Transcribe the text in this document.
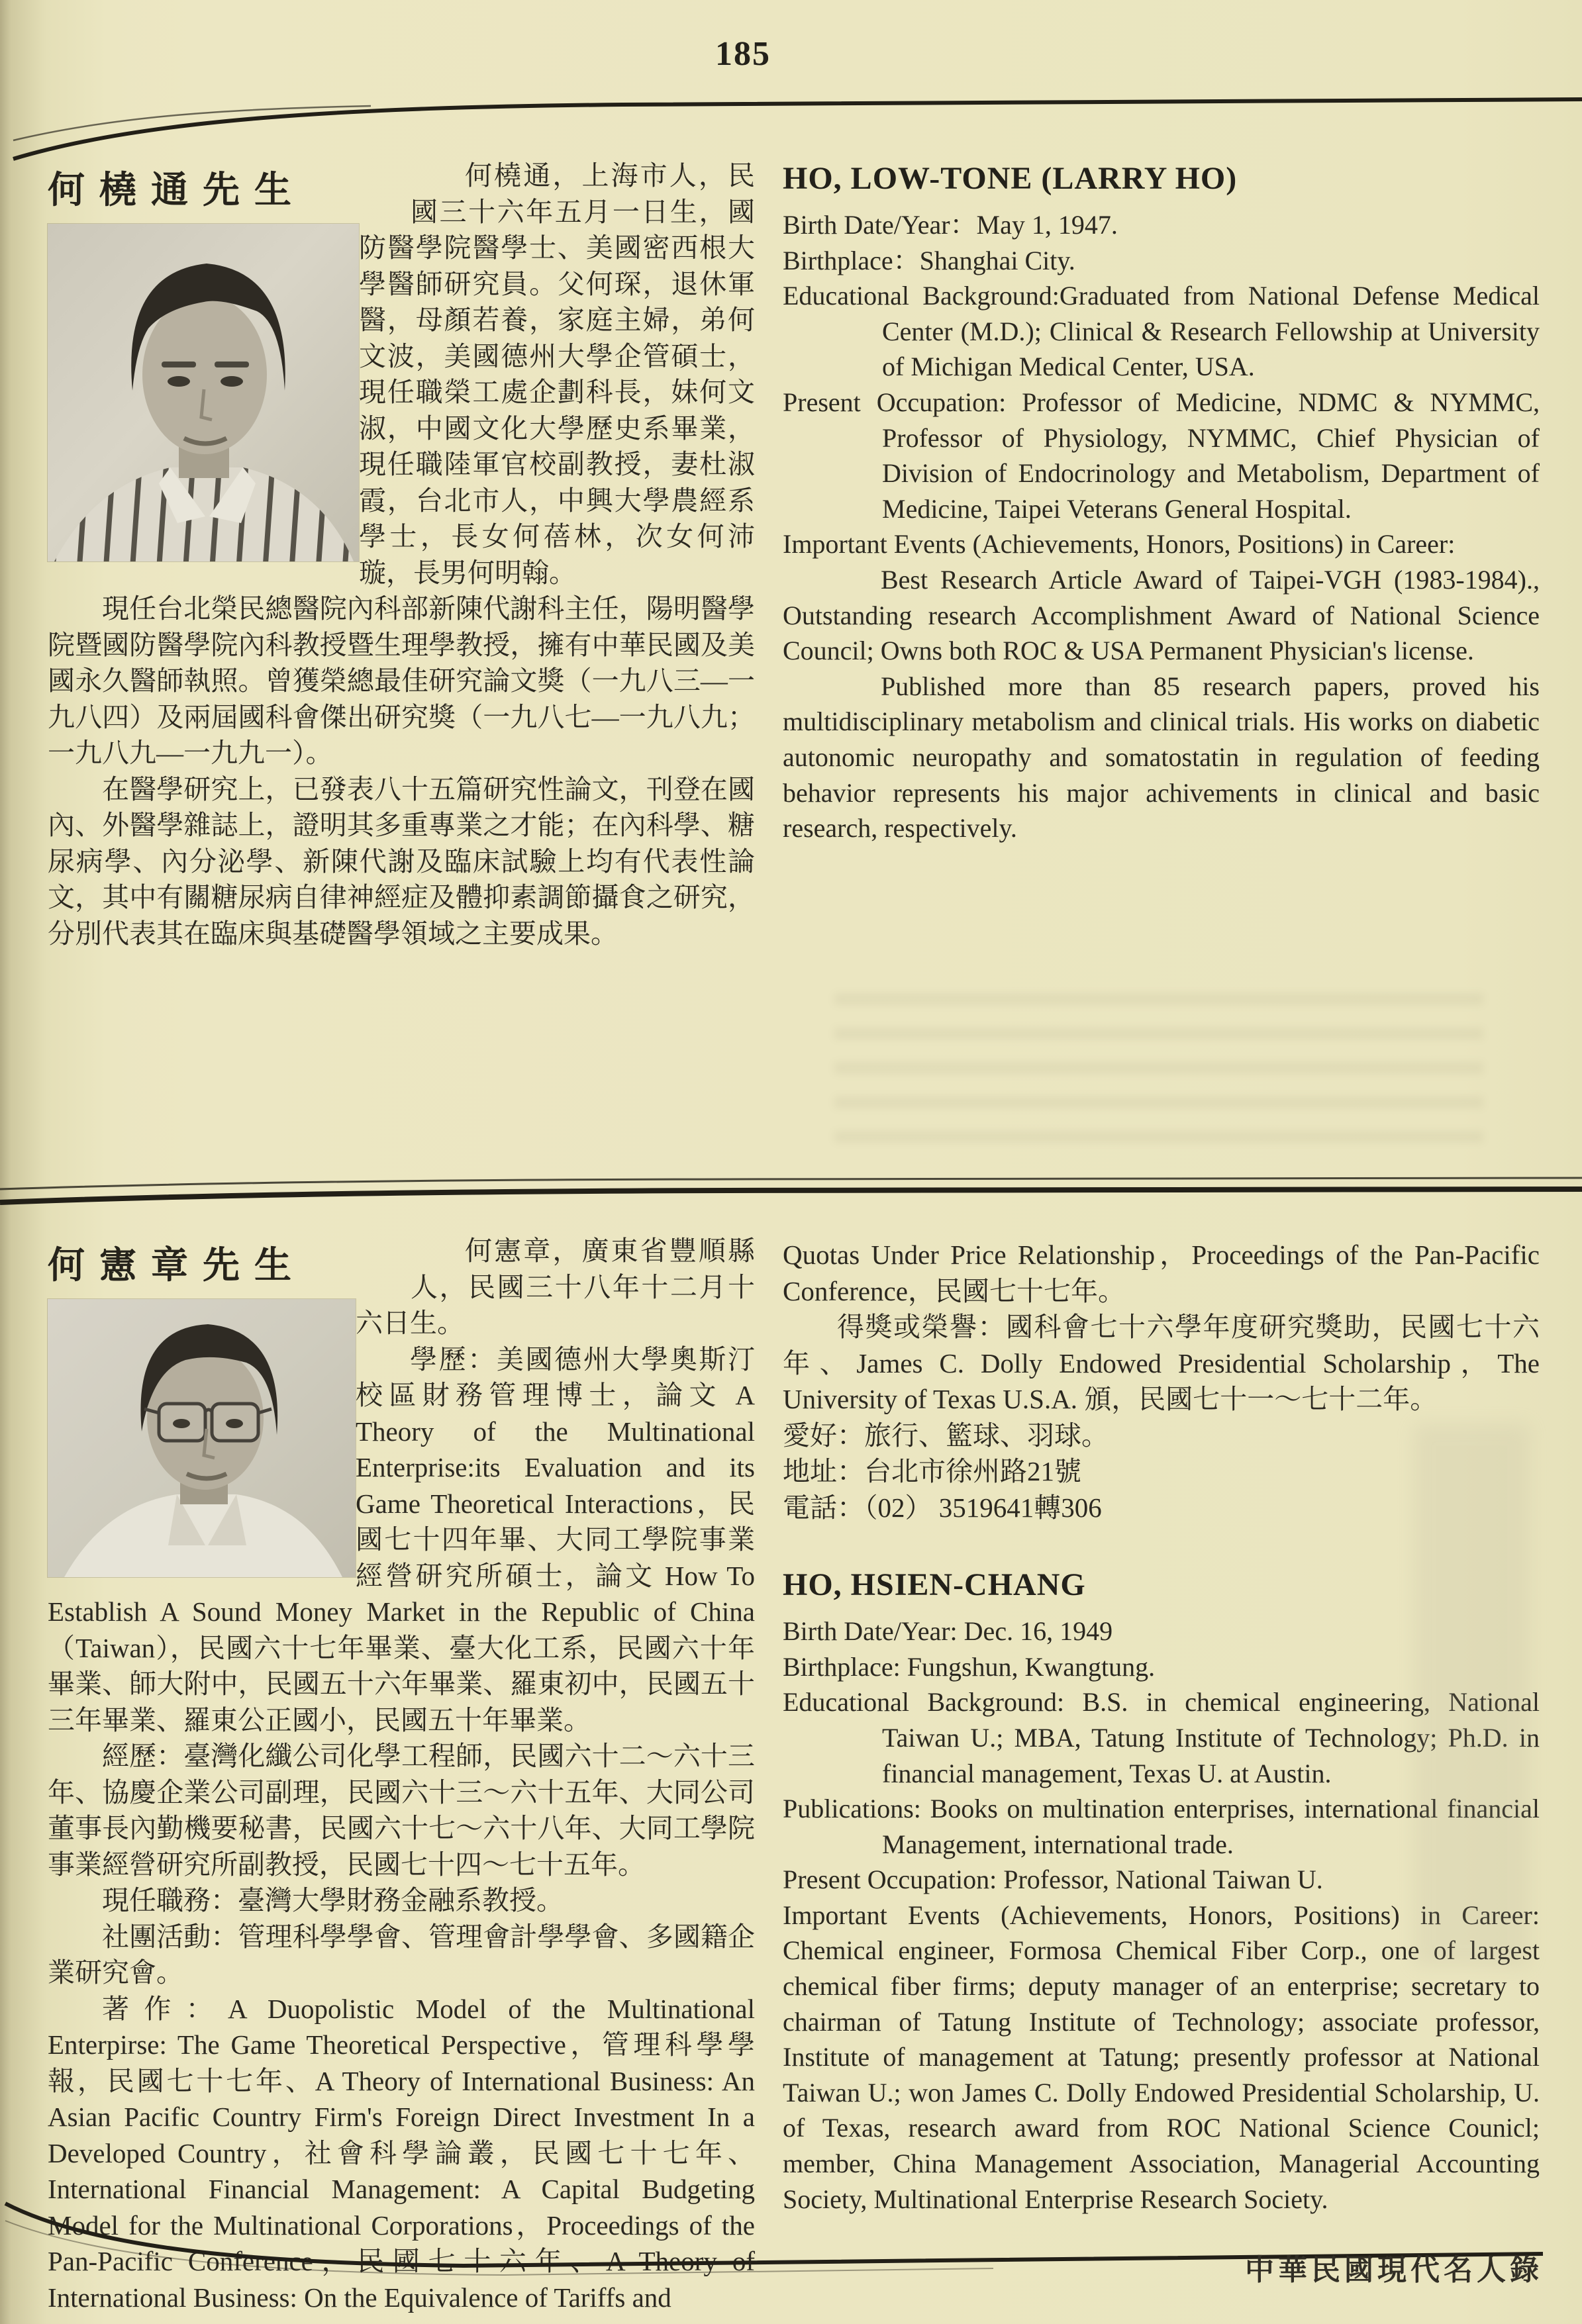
185
何橈通先生	何橈通，上海市人，民國三十六年五月一日生，國防醫學院醫學士、美國密西根大學醫師研究員。父何琛，退休軍醫，母顏若養，家庭主婦，弟何文波，美國德州大學企管碩士，現任職榮工處企劃科長，妹何文淑，中國文化大學歷史系畢業，現任職陸軍官校副教授，妻杜淑霞，台北市人，中興大學農經系學士，長女何蓓林，次女何沛璇，長男何明翰。

現任台北榮民總醫院內科部新陳代謝科主任，陽明醫學院暨國防醫學院內科教授暨生理學教授，擁有中華民國及美國永久醫師執照。曾獲榮總最佳研究論文獎（一九八三—一九八四）及兩屆國科會傑出研究獎（一九八七—一九八九；一九八九—一九九一）。

在醫學研究上，已發表八十五篇研究性論文，刊登在國內、外醫學雜誌上，證明其多重專業之才能；在內科學、糖尿病學、內分泌學、新陳代謝及臨床試驗上均有代表性論文，其中有關糖尿病自律神經症及體抑素調節攝食之研究，分別代表其在臨床與基礎醫學領域之主要成果。

HO, LOW-TONE (LARRY HO)

Birth Date/Year：May 1, 1947.

Birthplace：Shanghai City.

Educational Background:Graduated from National Defense Medical Center (M.D.); Clinical & Research Fellowship at University of Michigan Medical Center, USA.

Present Occupation: Professor of Medicine, NDMC & NYMMC, Professor of Physiology, NYMMC, Chief Physician of Division of Endocrinology and Metabolism, Department of Medicine, Taipei Veterans General Hospital.

Important Events (Achievements, Honors, Positions) in Career:

Best Research Article Award of Taipei-VGH (1983-1984)., Outstanding research Accomplishment Award of National Science Council; Owns both ROC & USA Permanent Physician's license.

Published more than 85 research papers, proved his multidisciplinary metabolism and clinical trials. His works on diabetic autonomic neuropathy and somatostatin in regulation of feeding behavior represents his major achivements in clinical and basic research, respectively.

何憲章先生	何憲章，廣東省豐順縣人，民國三十八年十二月十六日生。

學歷：美國德州大學奧斯汀校區財務管理博士，論文 A Theory of the Multinational Enterprise:its Evaluation and its Game Theoretical Interactions，民國七十四年畢、大同工學院事業經營研究所碩士，論文 How To Establish A Sound Money Market in the Republic of China（Taiwan），民國六十七年畢業、臺大化工系，民國六十年畢業、師大附中，民國五十六年畢業、羅東初中，民國五十三年畢業、羅東公正國小，民國五十年畢業。

經歷：臺灣化纖公司化學工程師，民國六十二～六十三年、協慶企業公司副理，民國六十三～六十五年、大同公司董事長內勤機要秘書，民國六十七～六十八年、大同工學院事業經營研究所副教授，民國七十四～七十五年。

現任職務：臺灣大學財務金融系教授。

社團活動：管理科學學會、管理會計學學會、多國籍企業研究會。

著作：A Duopolistic Model of the Multinational Enterpirse: The Game Theoretical Perspective，管理科學學報，民國七十七年、A Theory of International Business: An Asian Pacific Country Firm's Foreign Direct Investment In a Developed Country，社會科學論叢，民國七十七年、International Financial Management: A Capital Budgeting Model for the Multinational Corporations，Proceedings of the Pan-Pacific Conference，民國七十六年、A Theory of International Business: On the Equivalence of Tariffs and

Quotas Under Price Relationship，Proceedings of the Pan-Pacific Conference，民國七十七年。

得獎或榮譽：國科會七十六學年度研究獎助，民國七十六年、James C. Dolly Endowed Presidential Scholarship，The University of Texas U.S.A. 頒，民國七十一～七十二年。

愛好：旅行、籃球、羽球。

地址：台北市徐州路21號

電話：（02） 3519641轉306

HO, HSIEN-CHANG

Birth Date/Year: Dec. 16, 1949

Birthplace: Fungshun, Kwangtung.

Educational Background: B.S. in chemical engineering, National Taiwan U.; MBA, Tatung Institute of Technology; Ph.D. in financial management, Texas U. at Austin.

Publications: Books on multination enterprises, international financial Management, international trade.

Present Occupation: Professor, National Taiwan U.

Important Events (Achievements, Honors, Positions) in Career: Chemical engineer, Formosa Chemical Fiber Corp., one of largest chemical fiber firms; deputy manager of an enterprise; secretary to chairman of Tatung Institute of Technology; associate professor, Institute of management at Tatung; presently professor at National Taiwan U.; won James C. Dolly Endowed Presidential Scholarship, U. of Texas, research award from ROC National Science Counicl; member, China Management Association, Managerial Accounting Society, Multinational Enterprise Research Society.

中華民國現代名人錄
